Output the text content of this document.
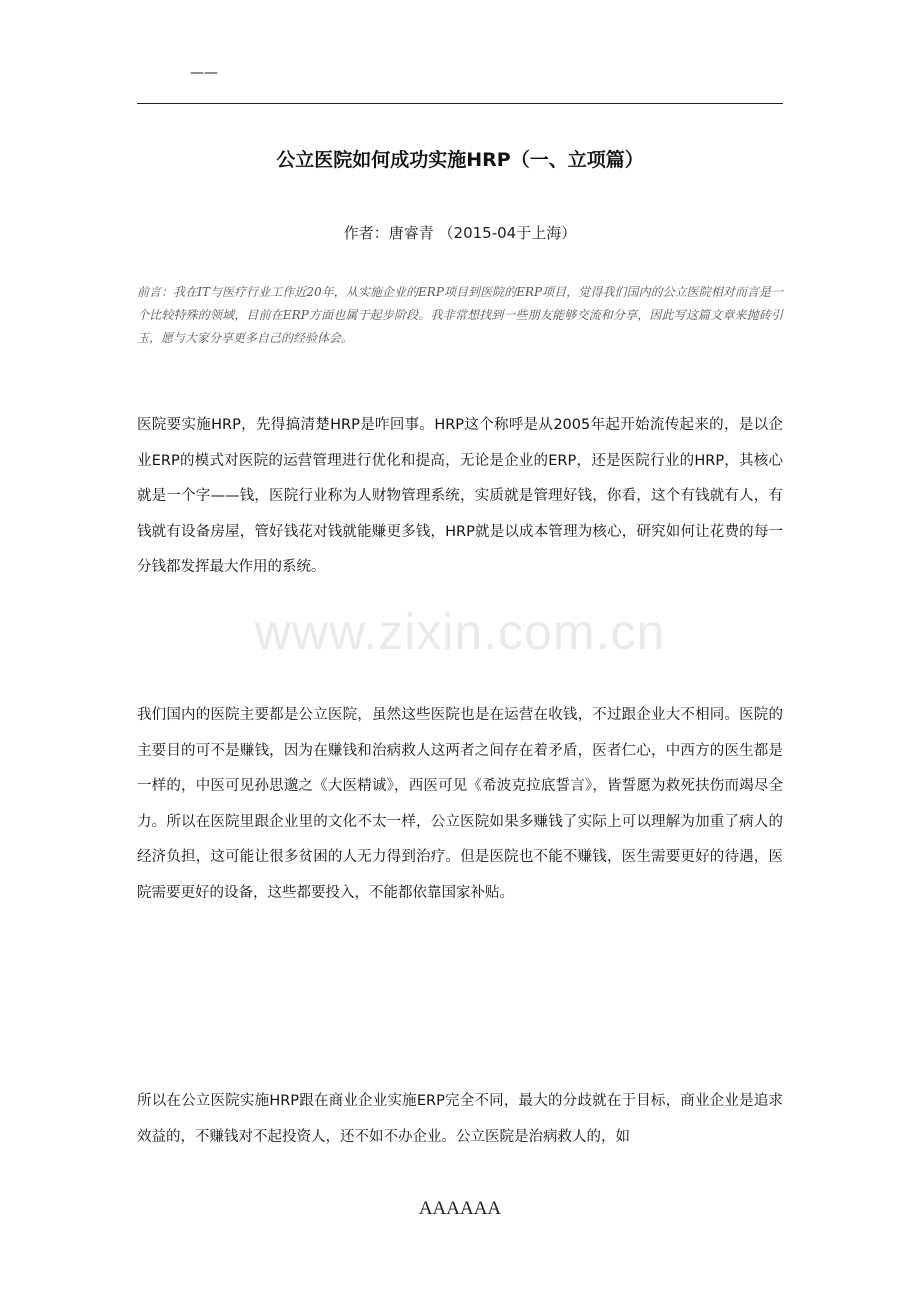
——
公立医院如何成功实施HRP（一、立项篇）
作者：唐睿青 （2015-04于上海）
前言：我在IT与医疗行业工作近20年，从实施企业的ERP项目到医院的ERP项目，觉得我们国内的公立医院相对而言是一个比较特殊的领域，目前在ERP方面也属于起步阶段。我非常想找到一些朋友能够交流和分享，因此写这篇文章来抛砖引玉，愿与大家分享更多自己的经验体会。

医院要实施HRP，先得搞清楚HRP是咋回事。HRP这个称呼是从2005年起开始流传起来的，是以企业ERP的模式对医院的运营管理进行优化和提高，无论是企业的ERP，还是医院行业的HRP，其核心就是一个字——钱，医院行业称为人财物管理系统，实质就是管理好钱，你看，这个有钱就有人，有钱就有设备房屋，管好钱花对钱就能赚更多钱，HRP就是以成本管理为核心，研究如何让花费的每一分钱都发挥最大作用的系统。

www.zixin.com.cn

我们国内的医院主要都是公立医院，虽然这些医院也是在运营在收钱，不过跟企业大不相同。医院的主要目的可不是赚钱，因为在赚钱和治病救人这两者之间存在着矛盾，医者仁心，中西方的医生都是一样的，中医可见孙思邈之《大医精诚》，西医可见《希波克拉底誓言》，皆誓愿为救死扶伤而竭尽全力。所以在医院里跟企业里的文化不太一样，公立医院如果多赚钱了实际上可以理解为加重了病人的经济负担，这可能让很多贫困的人无力得到治疗。但是医院也不能不赚钱，医生需要更好的待遇，医院需要更好的设备，这些都要投入，不能都依靠国家补贴。

所以在公立医院实施HRP跟在商业企业实施ERP完全不同，最大的分歧就在于目标，商业企业是追求效益的，不赚钱对不起投资人，还不如不办企业。公立医院是治病救人的，如

AAAAAA
